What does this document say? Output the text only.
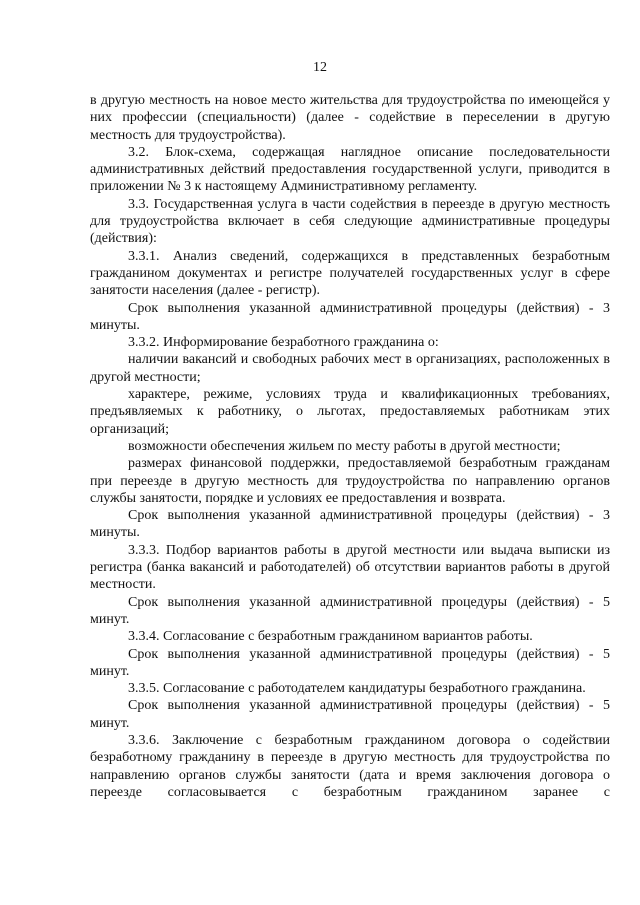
12

в другую местность на новое место жительства для трудоустройства по имеющейся у них профессии (специальности) (далее - содействие в переселении в другую местность для трудоустройства).

3.2. Блок-схема, содержащая наглядное описание последовательности административных действий предоставления государственной услуги, приводится в приложении № 3 к настоящему Административному регламенту.

3.3. Государственная услуга в части содействия в переезде в другую местность для трудоустройства включает в себя следующие административные процедуры (действия):

3.3.1. Анализ сведений, содержащихся в представленных безработным гражданином документах и регистре получателей государственных услуг в сфере занятости населения (далее - регистр).

Срок выполнения указанной административной процедуры (действия) - 3 минуты.

3.3.2. Информирование безработного гражданина о:

наличии вакансий и свободных рабочих мест в организациях, расположенных в другой местности;

характере, режиме, условиях труда и квалификационных требованиях, предъявляемых к работнику, о льготах, предоставляемых работникам этих организаций;

возможности обеспечения жильем по месту работы в другой местности;

размерах финансовой поддержки, предоставляемой безработным гражданам при переезде в другую местность для трудоустройства по направлению органов службы занятости, порядке и условиях ее предоставления и возврата.

Срок выполнения указанной административной процедуры (действия) - 3 минуты.

3.3.3. Подбор вариантов работы в другой местности или выдача выписки из регистра (банка вакансий и работодателей) об отсутствии вариантов работы в другой местности.

Срок выполнения указанной административной процедуры (действия) - 5 минут.

3.3.4. Согласование с безработным гражданином вариантов работы.

Срок выполнения указанной административной процедуры (действия) - 5 минут.

3.3.5. Согласование с работодателем кандидатуры безработного гражданина.

Срок выполнения указанной административной процедуры (действия) - 5 минут.

3.3.6. Заключение с безработным гражданином договора о содействии безработному гражданину в переезде в другую местность для трудоустройства по направлению органов службы занятости (дата и время заключения договора о переезде согласовывается с безработным гражданином заранее с
